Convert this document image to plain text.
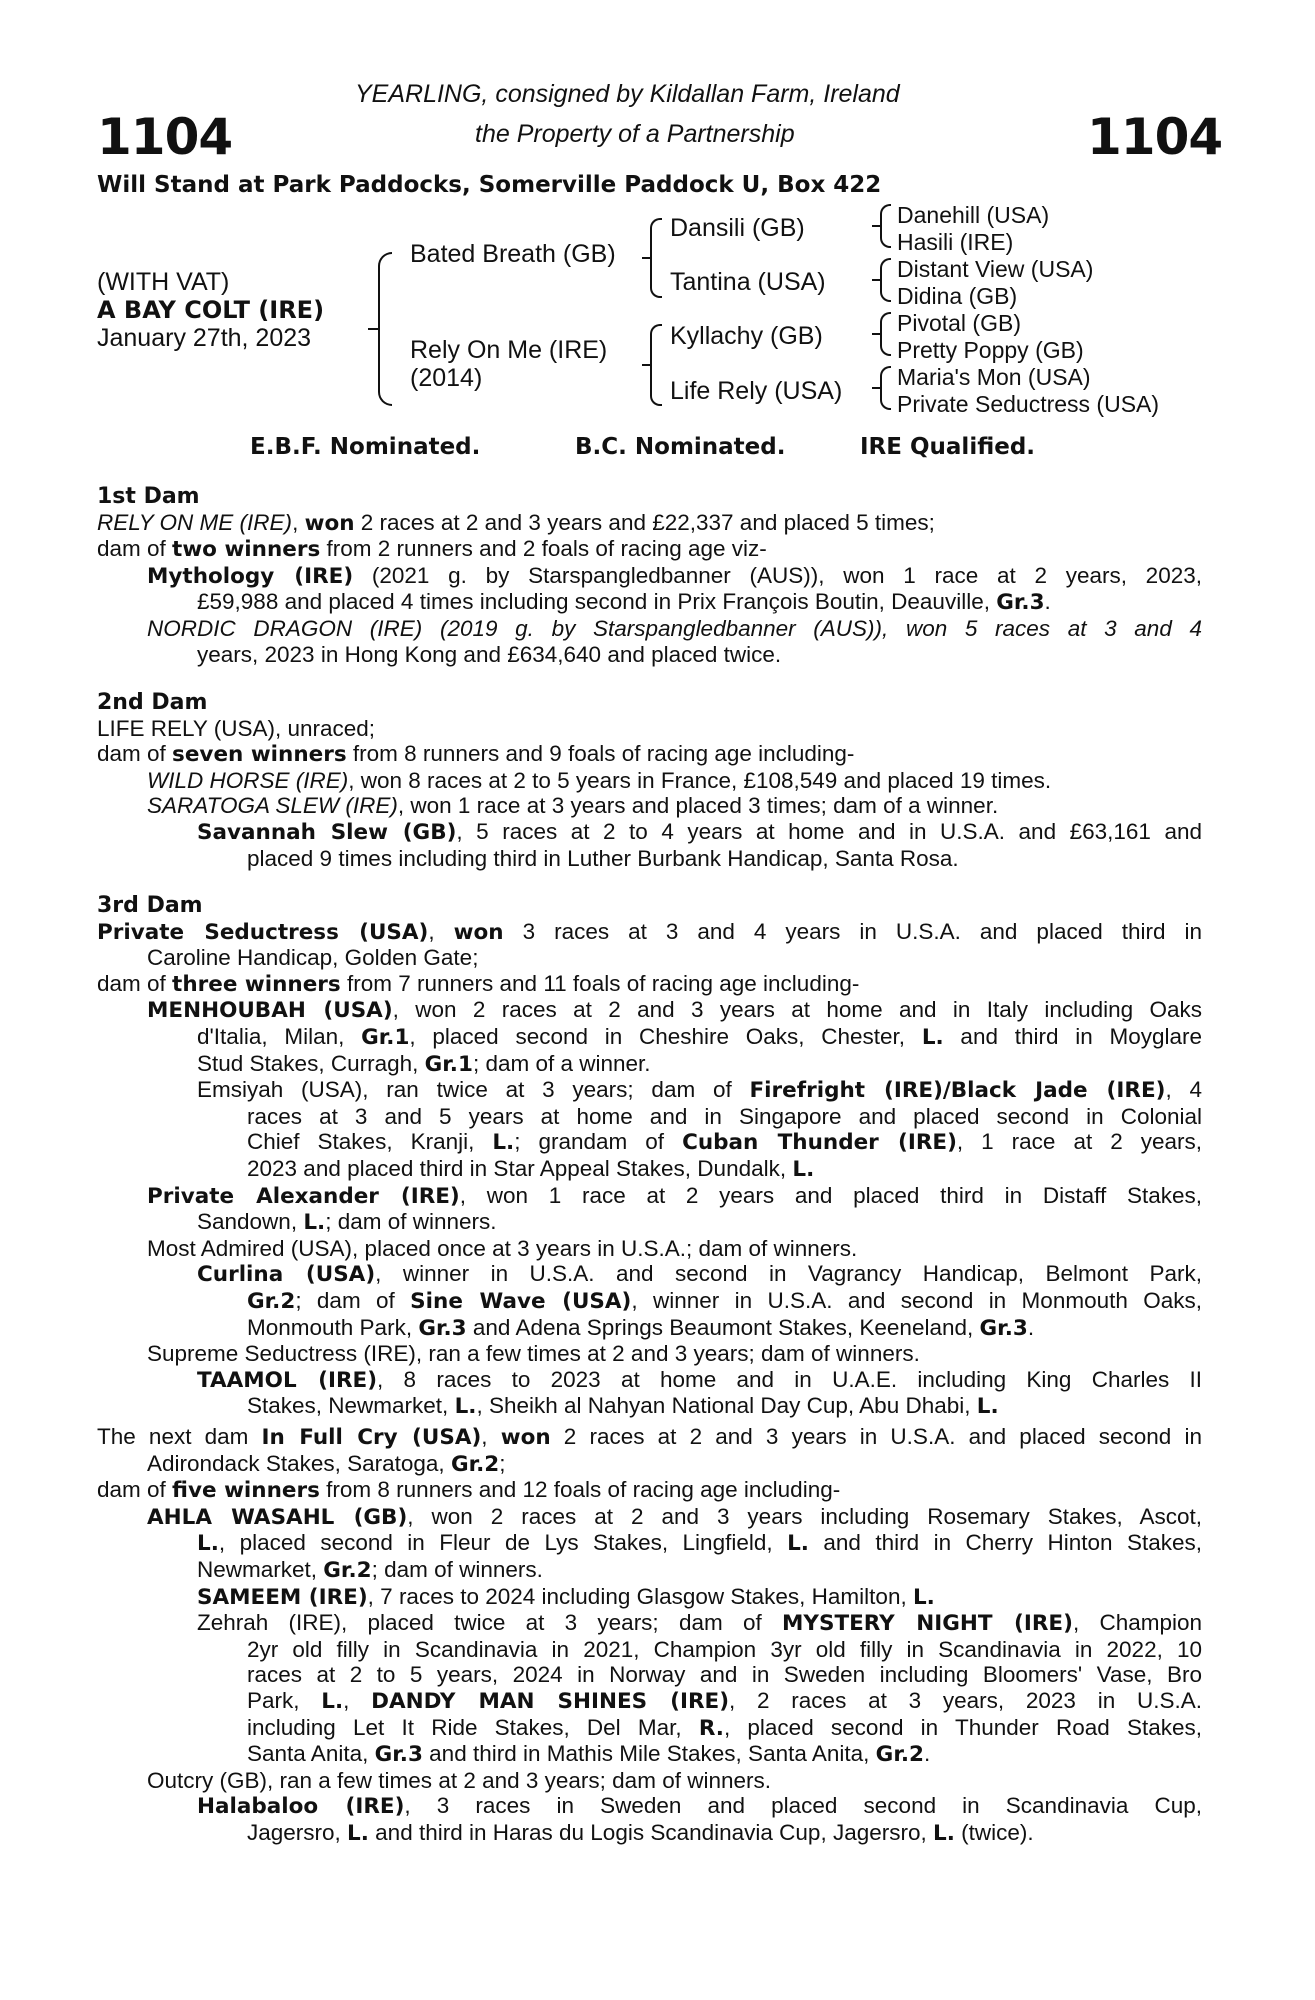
YEARLING, consigned by Kildallan Farm, Ireland
1104	the Property of a Partnership	1104
Will Stand at Park Paddocks, Somerville Paddock U, Box 422
(WITH VAT)
A BAY COLT (IRE)
January 27th, 2023
Bated Breath (GB)
Rely On Me (IRE)
(2014)
Dansili (GB)
Tantina (USA)
Kyllachy (GB)
Life Rely (USA)
Danehill (USA)
Hasili (IRE)
Distant View (USA)
Didina (GB)
Pivotal (GB)
Pretty Poppy (GB)
Maria's Mon (USA)
Private Seductress (USA)
E.B.F. Nominated.	B.C. Nominated.	IRE Qualified.
1st Dam
RELY ON ME (IRE), won 2 races at 2 and 3 years and £22,337 and placed 5 times;
dam of two winners from 2 runners and 2 foals of racing age viz-
Mythology (IRE) (2021 g. by Starspangledbanner (AUS)), won 1 race at 2 years, 2023,
£59,988 and placed 4 times including second in Prix François Boutin, Deauville, Gr.3.
NORDIC DRAGON (IRE) (2019 g. by Starspangledbanner (AUS)), won 5 races at 3 and 4
years, 2023 in Hong Kong and £634,640 and placed twice.
2nd Dam
LIFE RELY (USA), unraced;
dam of seven winners from 8 runners and 9 foals of racing age including-
WILD HORSE (IRE), won 8 races at 2 to 5 years in France, £108,549 and placed 19 times.
SARATOGA SLEW (IRE), won 1 race at 3 years and placed 3 times; dam of a winner.
Savannah Slew (GB), 5 races at 2 to 4 years at home and in U.S.A. and £63,161 and
placed 9 times including third in Luther Burbank Handicap, Santa Rosa.
3rd Dam
Private Seductress (USA), won 3 races at 3 and 4 years in U.S.A. and placed third in
Caroline Handicap, Golden Gate;
dam of three winners from 7 runners and 11 foals of racing age including-
MENHOUBAH (USA), won 2 races at 2 and 3 years at home and in Italy including Oaks
d'Italia, Milan, Gr.1, placed second in Cheshire Oaks, Chester, L. and third in Moyglare
Stud Stakes, Curragh, Gr.1; dam of a winner.
Emsiyah (USA), ran twice at 3 years; dam of Firefright (IRE)/Black Jade (IRE), 4
races at 3 and 5 years at home and in Singapore and placed second in Colonial
Chief Stakes, Kranji, L.; grandam of Cuban Thunder (IRE), 1 race at 2 years,
2023 and placed third in Star Appeal Stakes, Dundalk, L.
Private Alexander (IRE), won 1 race at 2 years and placed third in Distaff Stakes,
Sandown, L.; dam of winners.
Most Admired (USA), placed once at 3 years in U.S.A.; dam of winners.
Curlina (USA), winner in U.S.A. and second in Vagrancy Handicap, Belmont Park,
Gr.2; dam of Sine Wave (USA), winner in U.S.A. and second in Monmouth Oaks,
Monmouth Park, Gr.3 and Adena Springs Beaumont Stakes, Keeneland, Gr.3.
Supreme Seductress (IRE), ran a few times at 2 and 3 years; dam of winners.
TAAMOL (IRE), 8 races to 2023 at home and in U.A.E. including King Charles II
Stakes, Newmarket, L., Sheikh al Nahyan National Day Cup, Abu Dhabi, L.
The next dam In Full Cry (USA), won 2 races at 2 and 3 years in U.S.A. and placed second in
Adirondack Stakes, Saratoga, Gr.2;
dam of five winners from 8 runners and 12 foals of racing age including-
AHLA WASAHL (GB), won 2 races at 2 and 3 years including Rosemary Stakes, Ascot,
L., placed second in Fleur de Lys Stakes, Lingfield, L. and third in Cherry Hinton Stakes,
Newmarket, Gr.2; dam of winners.
SAMEEM (IRE), 7 races to 2024 including Glasgow Stakes, Hamilton, L.
Zehrah (IRE), placed twice at 3 years; dam of MYSTERY NIGHT (IRE), Champion
2yr old filly in Scandinavia in 2021, Champion 3yr old filly in Scandinavia in 2022, 10
races at 2 to 5 years, 2024 in Norway and in Sweden including Bloomers' Vase, Bro
Park, L., DANDY MAN SHINES (IRE), 2 races at 3 years, 2023 in U.S.A.
including Let It Ride Stakes, Del Mar, R., placed second in Thunder Road Stakes,
Santa Anita, Gr.3 and third in Mathis Mile Stakes, Santa Anita, Gr.2.
Outcry (GB), ran a few times at 2 and 3 years; dam of winners.
Halabaloo (IRE), 3 races in Sweden and placed second in Scandinavia Cup,
Jagersro, L. and third in Haras du Logis Scandinavia Cup, Jagersro, L. (twice).
